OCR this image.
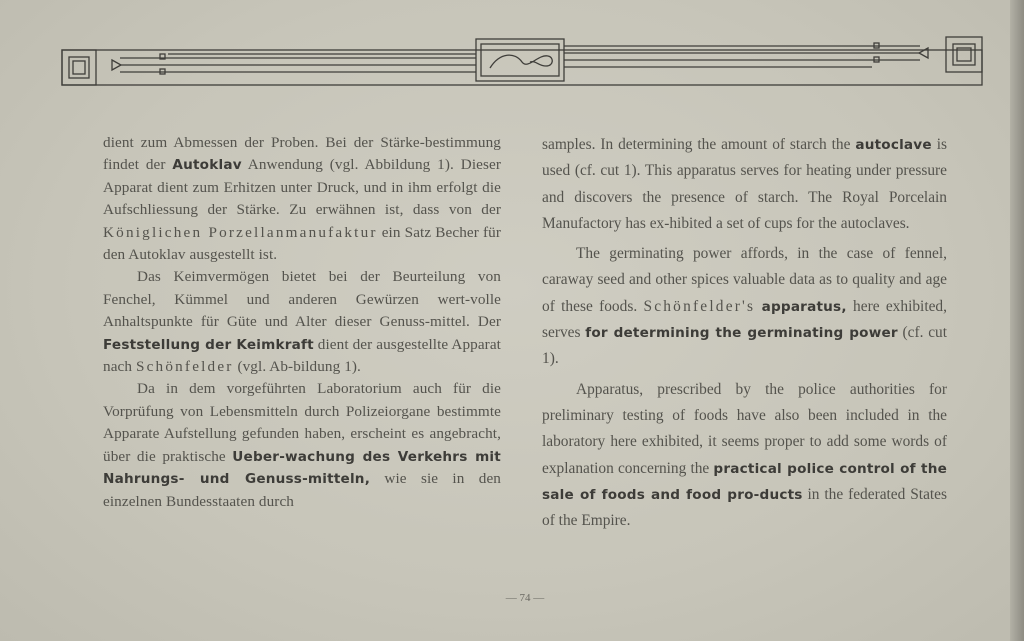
dient zum Abmessen der Proben. Bei der Stärke-bestimmung findet der Autoklav Anwendung (vgl. Abbildung 1). Dieser Apparat dient zum Erhitzen unter Druck, und in ihm erfolgt die Aufschliessung der Stärke. Zu erwähnen ist, dass von der Königlichen Porzellanmanufaktur ein Satz Becher für den Autoklav ausgestellt ist.

Das Keimvermögen bietet bei der Beurteilung von Fenchel, Kümmel und anderen Gewürzen wert-volle Anhaltspunkte für Güte und Alter dieser Genuss-mittel. Der Feststellung der Keimkraft dient der ausgestellte Apparat nach Schönfelder (vgl. Ab-bildung 1).

Da in dem vorgeführten Laboratorium auch für die Vorprüfung von Lebensmitteln durch Polizeiorgane bestimmte Apparate Aufstellung gefunden haben, erscheint es angebracht, über die praktische Ueber-wachung des Verkehrs mit Nahrungs- und Genuss-mitteln, wie sie in den einzelnen Bundesstaaten durch

samples. In determining the amount of starch the autoclave is used (cf. cut 1). This apparatus serves for heating under pressure and discovers the presence of starch. The Royal Porcelain Manufactory has ex-hibited a set of cups for the autoclaves.

The germinating power affords, in the case of fennel, caraway seed and other spices valuable data as to quality and age of these foods. Schönfelder's apparatus, here exhibited, serves for determining the germinating power (cf. cut 1).

Apparatus, prescribed by the police authorities for preliminary testing of foods have also been included in the laboratory here exhibited, it seems proper to add some words of explanation concerning the practical police control of the sale of foods and food pro-ducts in the federated States of the Empire.

— 74 —
